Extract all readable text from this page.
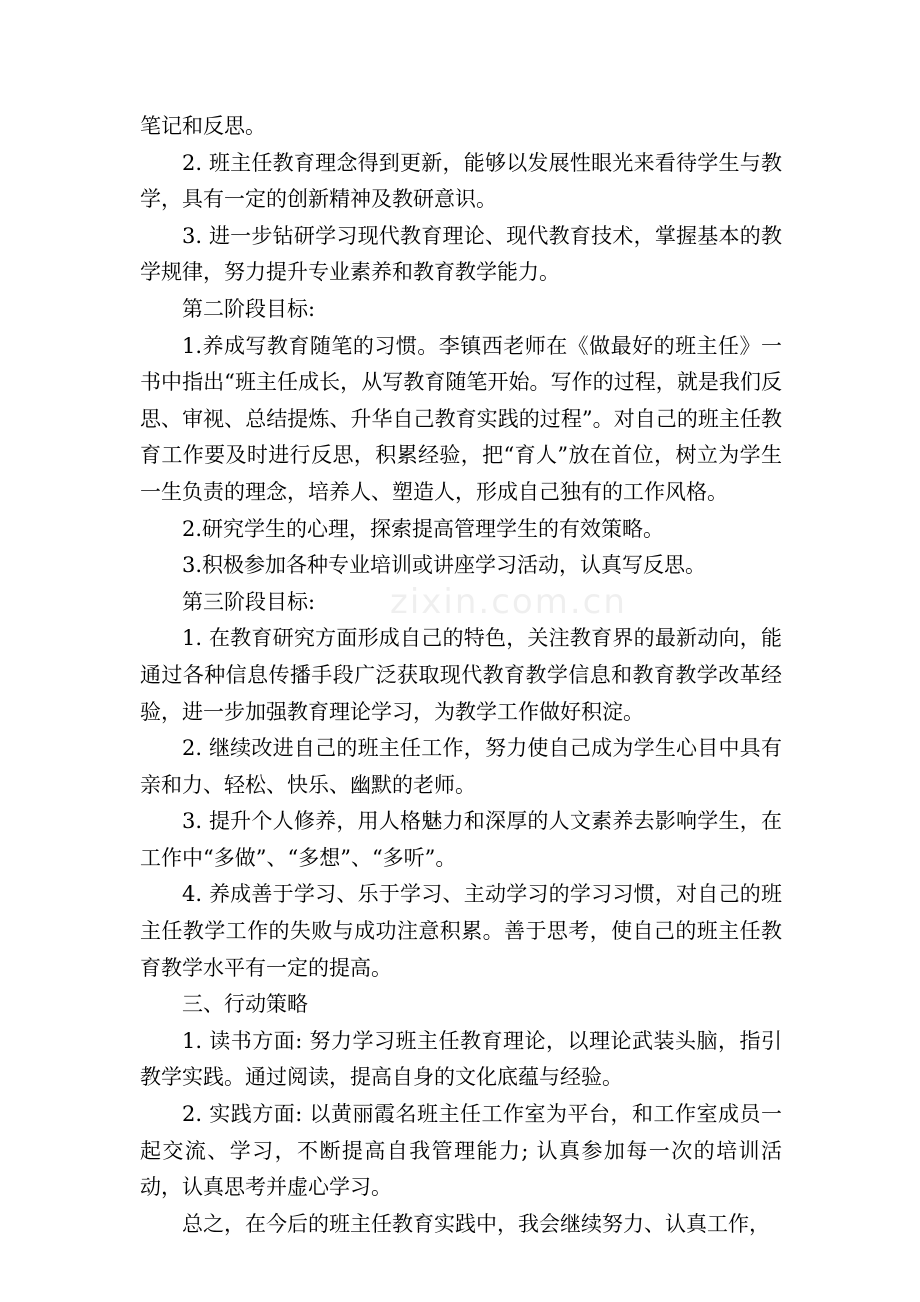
笔记和反思。

2. 班主任教育理念得到更新，能够以发展性眼光来看待学生与教学，具有一定的创新精神及教研意识。

3. 进一步钻研学习现代教育理论、现代教育技术，掌握基本的教学规律，努力提升专业素养和教育教学能力。

第二阶段目标:

1.养成写教育随笔的习惯。李镇西老师在《做最好的班主任》一书中指出“班主任成长，从写教育随笔开始。写作的过程，就是我们反思、审视、总结提炼、升华自己教育实践的过程”。对自己的班主任教育工作要及时进行反思，积累经验，把“育人”放在首位，树立为学生一生负责的理念，培养人、塑造人，形成自己独有的工作风格。

2.研究学生的心理，探索提高管理学生的有效策略。

3.积极参加各种专业培训或讲座学习活动，认真写反思。

第三阶段目标:

1. 在教育研究方面形成自己的特色，关注教育界的最新动向，能通过各种信息传播手段广泛获取现代教育教学信息和教育教学改革经验，进一步加强教育理论学习，为教学工作做好积淀。

2. 继续改进自己的班主任工作，努力使自己成为学生心目中具有亲和力、轻松、快乐、幽默的老师。

3. 提升个人修养，用人格魅力和深厚的人文素养去影响学生，在工作中“多做”、“多想”、“多听”。

4. 养成善于学习、乐于学习、主动学习的学习习惯，对自己的班主任教学工作的失败与成功注意积累。善于思考，使自己的班主任教育教学水平有一定的提高。

三、行动策略

1. 读书方面: 努力学习班主任教育理论，以理论武装头脑，指引教学实践。通过阅读，提高自身的文化底蕴与经验。

2. 实践方面: 以黄丽霞名班主任工作室为平台，和工作室成员一起交流、学习，不断提高自我管理能力; 认真参加每一次的培训活动，认真思考并虚心学习。

总之，在今后的班主任教育实践中，我会继续努力、认真工作，

zixin.com.cn
